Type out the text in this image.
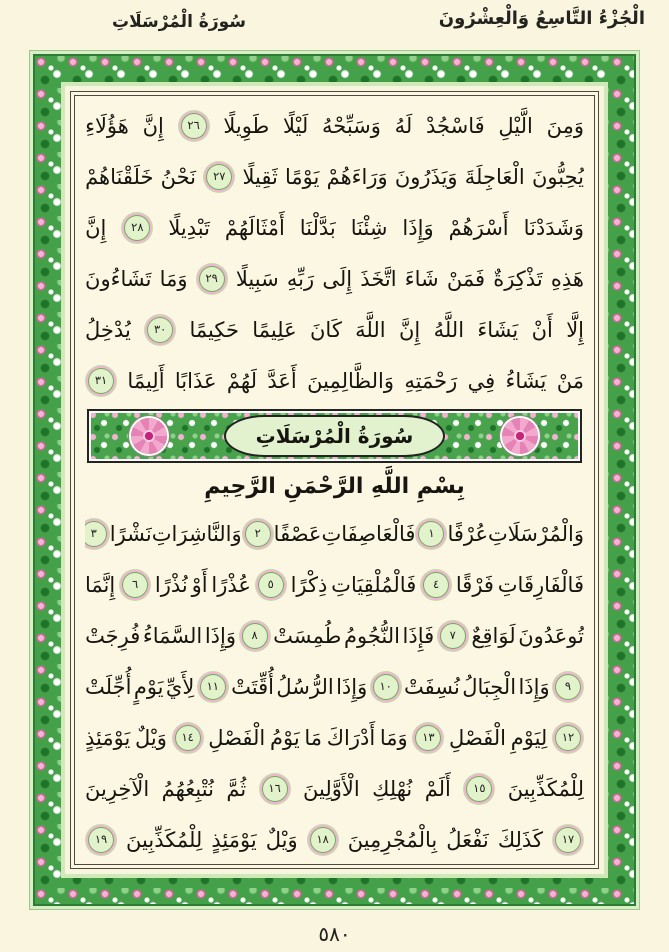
الْجُزْءُ التَّاسِعُ وَالْعِشْرُونَ
سُورَةُ الْمُرْسَلَاتِ
وَمِنَ
الَّيْلِ
فَاسْجُدْ
لَهُ
وَسَبِّحْهُ
لَيْلًا
طَوِيلًا
٢٦
إِنَّ
هَؤُلَاءِ
يُحِبُّونَ
الْعَاجِلَةَ
وَيَذَرُونَ
وَرَاءَهُمْ
يَوْمًا
ثَقِيلًا
٢٧
نَحْنُ
خَلَقْنَاهُمْ
وَشَدَدْنَا
أَسْرَهُمْ
وَإِذَا
شِئْنَا
بَدَّلْنَا
أَمْثَالَهُمْ
تَبْدِيلًا
٢٨
إِنَّ
هَذِهِ
تَذْكِرَةٌ
فَمَنْ
شَاءَ
اتَّخَذَ
إِلَى
رَبِّهِ
سَبِيلًا
٢٩
وَمَا
تَشَاءُونَ
إِلَّا
أَنْ
يَشَاءَ
اللَّهُ
إِنَّ
اللَّهَ
كَانَ
عَلِيمًا
حَكِيمًا
٣٠
يُدْخِلُ
مَنْ
يَشَاءُ
فِي
رَحْمَتِهِ
وَالظَّالِمِينَ
أَعَدَّ
لَهُمْ
عَذَابًا
أَلِيمًا
٣١
سُورَةُ الْمُرْسَلَاتِ
بِسْمِ اللَّهِ الرَّحْمَنِ الرَّحِيمِ
وَالْمُرْسَلَاتِ
عُرْفًا
١
فَالْعَاصِفَاتِ
عَصْفًا
٢
وَالنَّاشِرَاتِ
نَشْرًا
٣
فَالْفَارِقَاتِ
فَرْقًا
٤
فَالْمُلْقِيَاتِ
ذِكْرًا
٥
عُذْرًا
أَوْ
نُذْرًا
٦
إِنَّمَا
تُوعَدُونَ
لَوَاقِعٌ
٧
فَإِذَا
النُّجُومُ
طُمِسَتْ
٨
وَإِذَا
السَّمَاءُ
فُرِجَتْ
٩
وَإِذَا
الْجِبَالُ
نُسِفَتْ
١٠
وَإِذَا
الرُّسُلُ
أُقِّتَتْ
١١
لِأَيِّ
يَوْمٍ
أُجِّلَتْ
١٢
لِيَوْمِ
الْفَصْلِ
١٣
وَمَا
أَدْرَاكَ
مَا
يَوْمُ
الْفَصْلِ
١٤
وَيْلٌ
يَوْمَئِذٍ
لِلْمُكَذِّبِينَ
١٥
أَلَمْ
نُهْلِكِ
الْأَوَّلِينَ
١٦
ثُمَّ
نُتْبِعُهُمُ
الْآخِرِينَ
١٧
كَذَلِكَ
نَفْعَلُ
بِالْمُجْرِمِينَ
١٨
وَيْلٌ
يَوْمَئِذٍ
لِلْمُكَذِّبِينَ
١٩
٥٨٠
